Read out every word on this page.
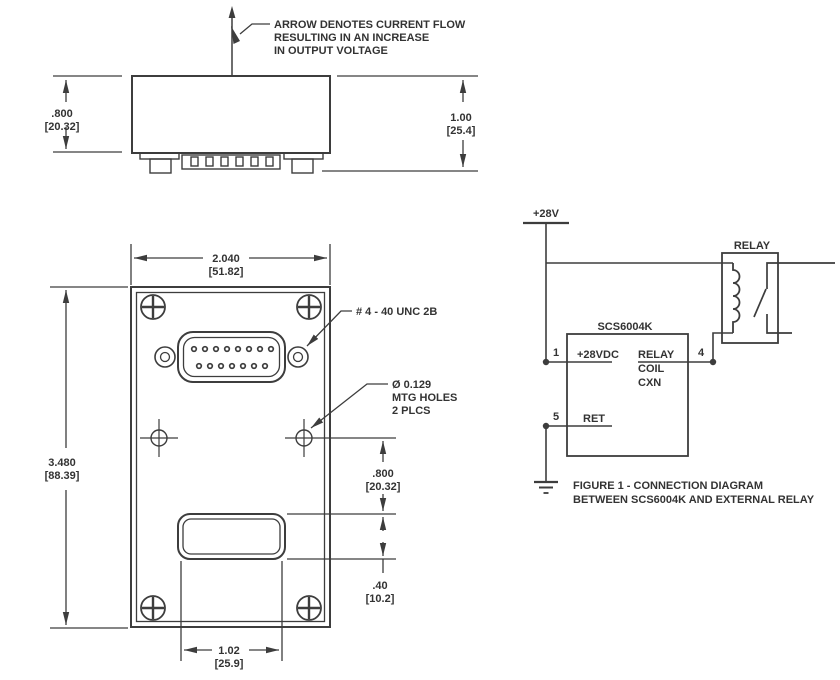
ARROW DENOTES CURRENT FLOW
RESULTING IN AN INCREASE
IN OUTPUT VOLTAGE
.800
[20.32]
1.00
[25.4]
2.040
[51.82]
3.480
[88.39]	.800
[20.32]
.40
[10.2]
1.02
[25.9]
# 4 - 40 UNC 2B
Ø 0.129
MTG HOLES
2 PLCS
+28V
RELAY
SCS6004K
1 +28VDC	4
RELAY
COIL
CXN
5 RET
FIGURE 1 - CONNECTION DIAGRAM
BETWEEN SCS6004K AND EXTERNAL RELAY
